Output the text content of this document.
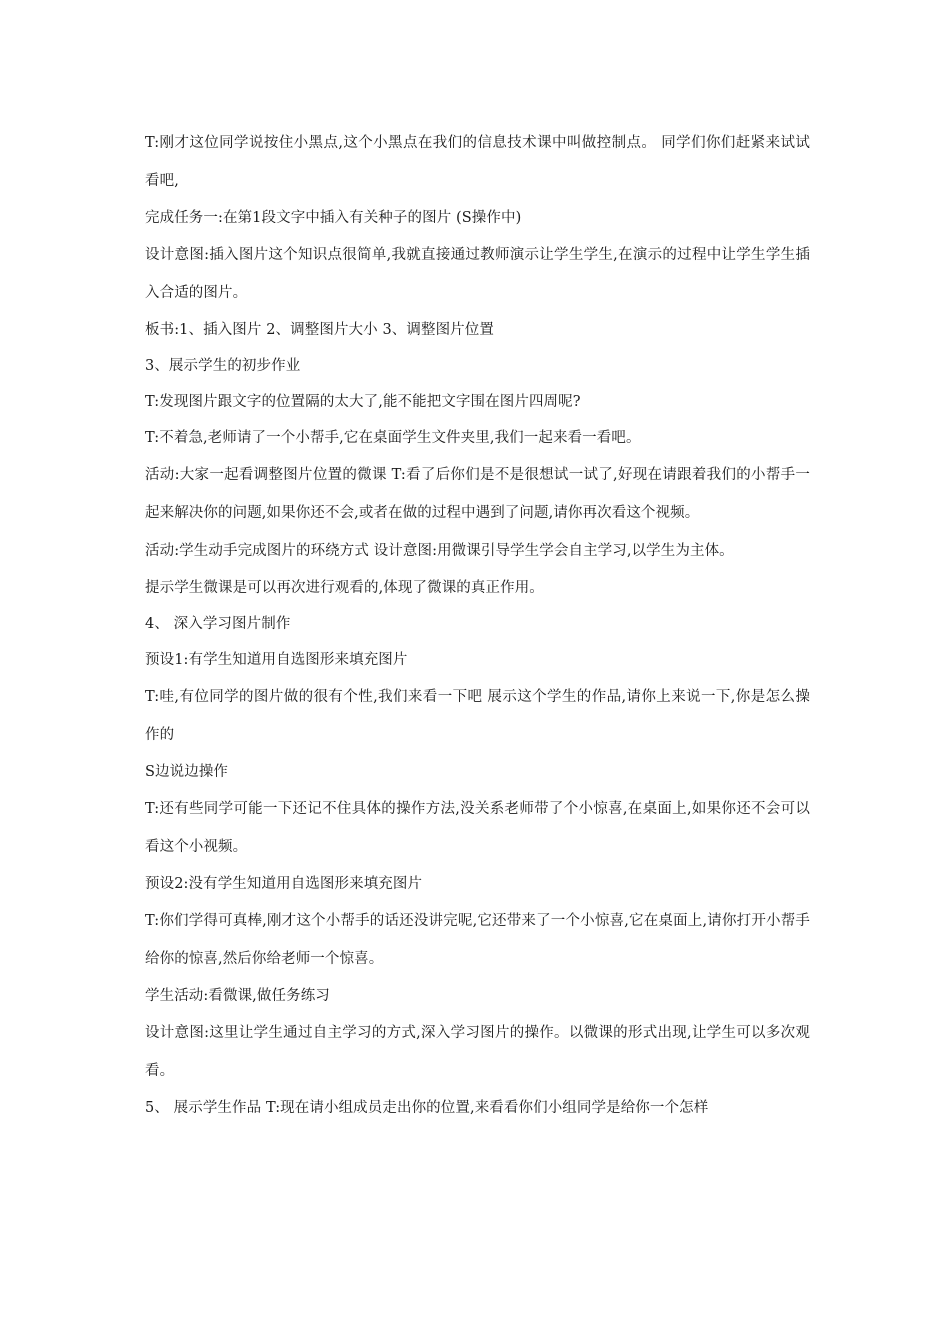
T:刚才这位同学说按住小黑点,这个小黑点在我们的信息技术课中叫做控制点。 同学们你们赶紧来试试看吧,

完成任务一:在第1段文字中插入有关种子的图片 (S操作中)

设计意图:插入图片这个知识点很简单,我就直接通过教师演示让学生学生,在演示的过程中让学生学生插入合适的图片。

板书:1、插入图片 2、调整图片大小 3、调整图片位置

3、展示学生的初步作业

T:发现图片跟文字的位置隔的太大了,能不能把文字围在图片四周呢?

T:不着急,老师请了一个小帮手,它在桌面学生文件夹里,我们一起来看一看吧。

活动:大家一起看调整图片位置的微课 T:看了后你们是不是很想试一试了,好现在请跟着我们的小帮手一起来解决你的问题,如果你还不会,或者在做的过程中遇到了问题,请你再次看这个视频。

活动:学生动手完成图片的环绕方式 设计意图:用微课引导学生学会自主学习,以学生为主体。

提示学生微课是可以再次进行观看的,体现了微课的真正作用。

4、 深入学习图片制作

预设1:有学生知道用自选图形来填充图片

T:哇,有位同学的图片做的很有个性,我们来看一下吧 展示这个学生的作品,请你上来说一下,你是怎么操作的

S边说边操作

T:还有些同学可能一下还记不住具体的操作方法,没关系老师带了个小惊喜,在桌面上,如果你还不会可以看这个小视频。

预设2:没有学生知道用自选图形来填充图片

T:你们学得可真棒,刚才这个小帮手的话还没讲完呢,它还带来了一个小惊喜,它在桌面上,请你打开小帮手给你的惊喜,然后你给老师一个惊喜。

学生活动:看微课,做任务练习

设计意图:这里让学生通过自主学习的方式,深入学习图片的操作。以微课的形式出现,让学生可以多次观看。

5、 展示学生作品 T:现在请小组成员走出你的位置,来看看你们小组同学是给你一个怎样
